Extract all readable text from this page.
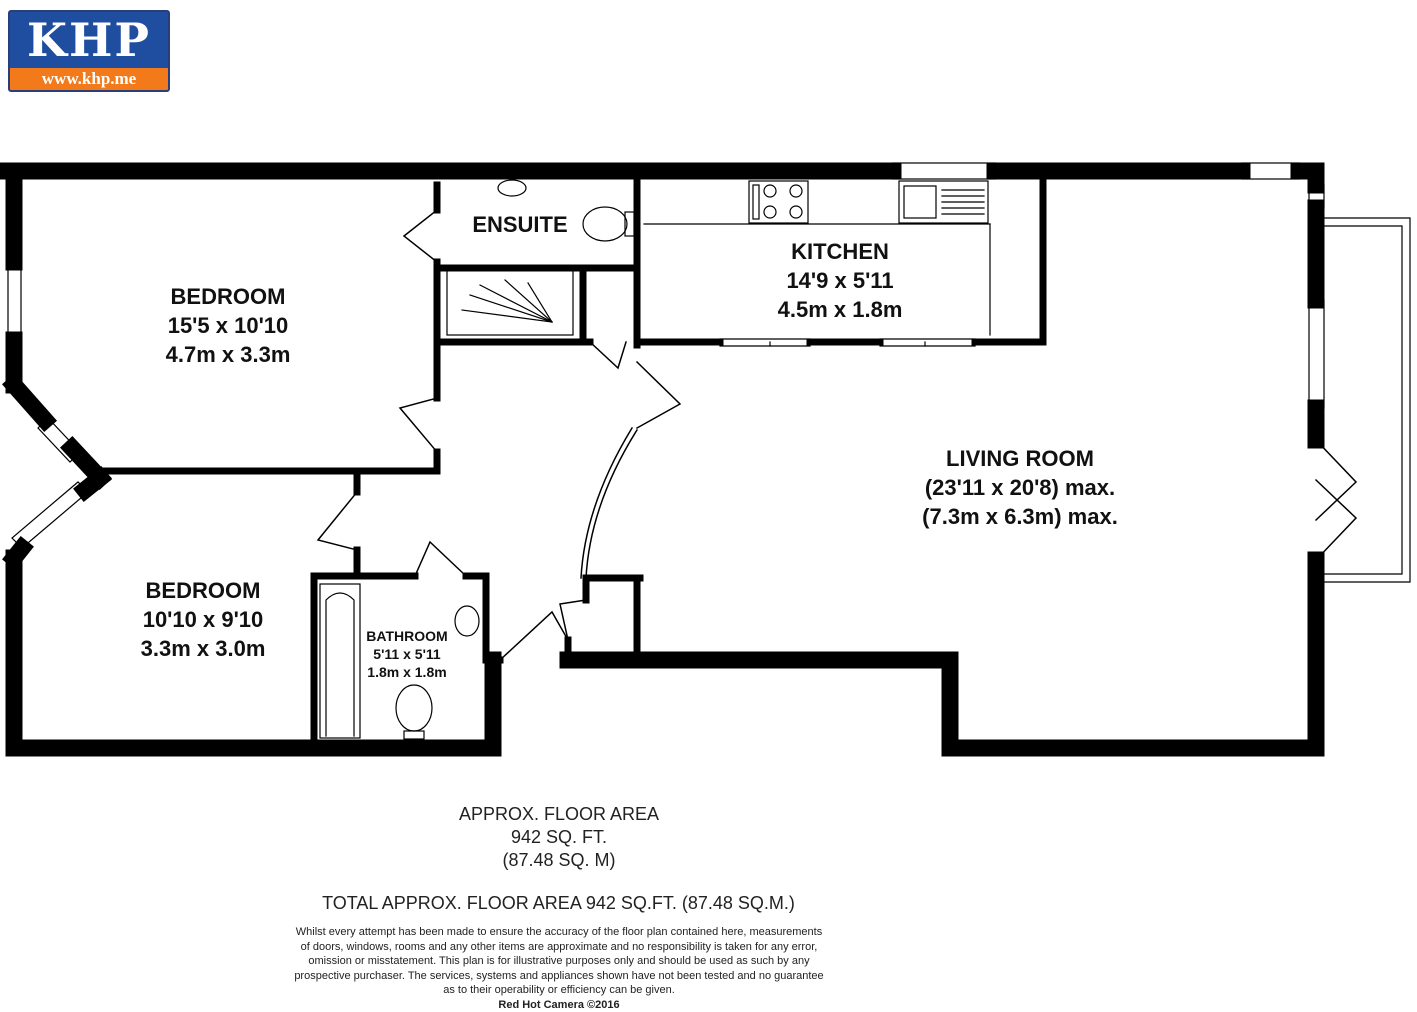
KHP
www.khp.me
BEDROOM
15'5 x 10'10
4.7m x 3.3m
BEDROOM
10'10 x 9'10
3.3m x 3.0m
ENSUITE
KITCHEN
14'9 x 5'11
4.5m x 1.8m
LIVING ROOM
(23'11 x 20'8) max.
(7.3m x 6.3m) max.
BATHROOM
5'11 x 5'11
1.8m x 1.8m
APPROX. FLOOR AREA
942 SQ. FT.
(87.48 SQ. M)
TOTAL APPROX. FLOOR AREA 942 SQ.FT. (87.48 SQ.M.)
Whilst every attempt has been made to ensure the accuracy of the floor plan contained here, measurements
of doors, windows, rooms and any other items are approximate and no responsibility is taken for any error,
omission or misstatement. This plan is for illustrative purposes only and should be used as such by any
prospective purchaser. The services, systems and appliances shown have not been tested and no guarantee
as to their operability or efficiency can be given.
Red Hot Camera ©2016
